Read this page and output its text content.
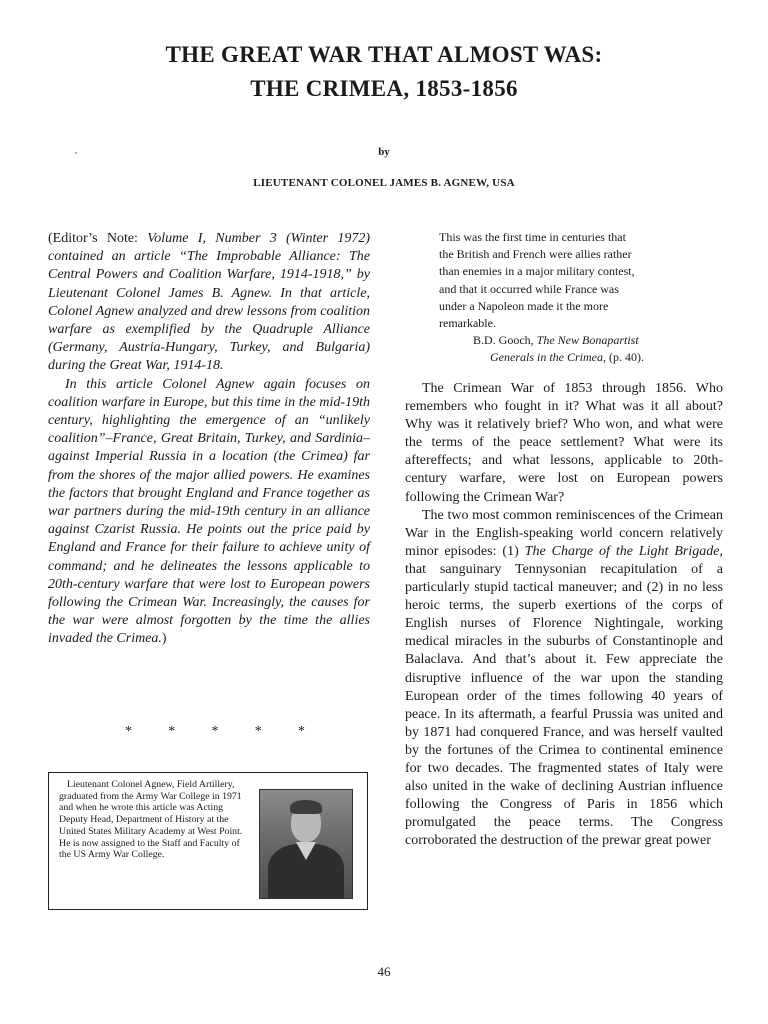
THE GREAT WAR THAT ALMOST WAS:
THE CRIMEA, 1853-1856
by
LIEUTENANT COLONEL JAMES B. AGNEW, USA

(Editor’s Note: Volume I, Number 3 (Winter 1972) contained an article “The Improbable Alliance: The Central Powers and Coalition Warfare, 1914-1918,” by Lieutenant Colonel James B. Agnew. In that article, Colonel Agnew analyzed and drew lessons from coalition warfare as exemplified by the Quadruple Alliance (Germany, Austria-Hungary, Turkey, and Bulgaria) during the Great War, 1914-18.

In this article Colonel Agnew again focuses on coalition warfare in Europe, but this time in the mid-19th century, highlighting the emergence of an “unlikely coalition”–France, Great Britain, Turkey, and Sardinia–against Imperial Russia in a location (the Crimea) far from the shores of the major allied powers. He examines the factors that brought England and France together as war partners during the mid-19th century in an alliance against Czarist Russia. He points out the price paid by England and France for their failure to achieve unity of command; and he delineates the lessons applicable to 20th-century warfare that were lost to European powers following the Crimean War. Increasingly, the causes for the war were almost forgotten by the time the allies invaded the Crimea.)

*	*	*	*	*

Lieutenant Colonel Agnew, Field Artillery, graduated from the Army War College in 1971 and when he wrote this article was Acting Deputy Head, Department of History at the United States Military Academy at West Point. He is now assigned to the Staff and Faculty of the US Army War College.

This was the first time in centuries that

the British and French were allies rather

than enemies in a major military contest,

and that it occurred while France was

under a Napoleon made it the more

remarkable.

B.D. Gooch, The New Bonapartist

Generals in the Crimea, (p. 40).

The Crimean War of 1853 through 1856. Who remembers who fought in it? What was it all about? Why was it relatively brief? Who won, and what were the terms of the peace settlement? What were its aftereffects; and what lessons, applicable to 20th-century warfare, were lost on European powers following the Crimean War?

The two most common reminiscences of the Crimean War in the English-speaking world concern relatively minor episodes: (1) The Charge of the Light Brigade, that sanguinary Tennysonian recapitulation of a particularly stupid tactical maneuver; and (2) in no less heroic terms, the superb exertions of the corps of English nurses of Florence Nightingale, working medical miracles in the suburbs of Constantinople and Balaclava. And that’s about it. Few appreciate the disruptive influence of the war upon the standing European order of the times following 40 years of peace. In its aftermath, a fearful Prussia was united and by 1871 had conquered France, and was herself vaulted by the fortunes of the Crimea to continental eminence for two decades. The fragmented states of Italy were also united in the wake of declining Austrian influence following the Congress of Paris in 1856 which promulgated the peace terms. The Congress corroborated the destruction of the prewar great power

46
